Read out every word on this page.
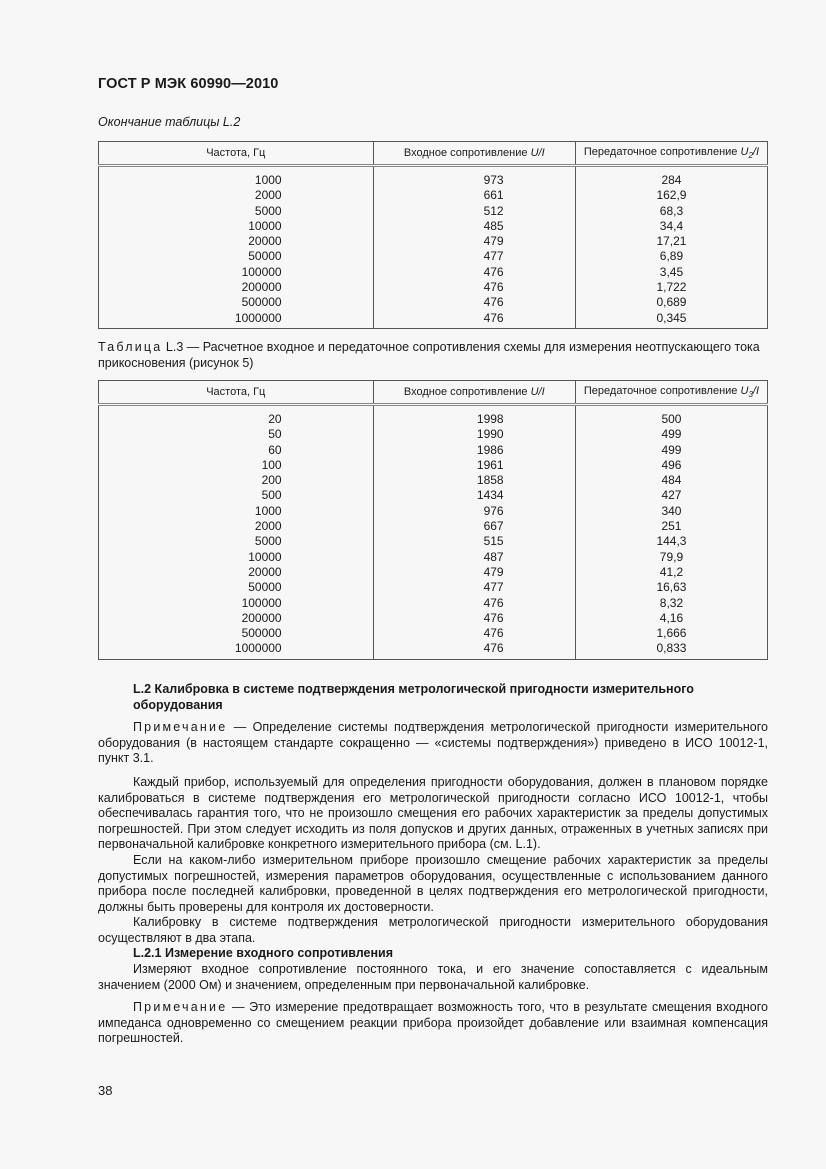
ГОСТ Р МЭК 60990—2010
Окончание таблицы L.2
Частота, Гц	Входное сопротивление U/I	Передаточное сопротивление $U_2/I$
1000	973	284
2000	661	162,9
5000	512	68,3
10000	485	34,4
20000	479	17,21
50000	477	6,89
100000	476	3,45
200000	476	1,722
500000	476	0,689
1000000	476	0,345
Таблица L.3 — Расчетное входное и передаточное сопротивления схемы для измерения неотпускающего тока прикосновения (рисунок 5)
Частота, Гц	Входное сопротивление U/I	Передаточное сопротивление $U_3/I$
20	1998	500
50	1990	499
60	1986	499
100	1961	496
200	1858	484
500	1434	427
1000	976	340
2000	667	251
5000	515	144,3
10000	487	79,9
20000	479	41,2
50000	477	16,63
100000	476	8,32
200000	476	4,16
500000	476	1,666
1000000	476	0,833
L.2 Калибровка в системе подтверждения метрологической пригодности измерительного оборудования
Примечание — Определение системы подтверждения метрологической пригодности измерительного оборудования (в настоящем стандарте сокращенно — «системы подтверждения») приведено в ИСО 10012-1, пункт 3.1.
Каждый прибор, используемый для определения пригодности оборудования, должен в плановом порядке калиброваться в системе подтверждения его метрологической пригодности согласно ИСО 10012-1, чтобы обеспечивалась гарантия того, что не произошло смещения его рабочих характеристик за пределы допустимых погрешностей. При этом следует исходить из поля допусков и других данных, отраженных в учетных записях при первоначальной калибровке конкретного измерительного прибора (см. L.1).
Если на каком-либо измерительном приборе произошло смещение рабочих характеристик за пределы допустимых погрешностей, измерения параметров оборудования, осуществленные с использованием данного прибора после последней калибровки, проведенной в целях подтверждения его метрологической пригодности, должны быть проверены для контроля их достоверности.
Калибровку в системе подтверждения метрологической пригодности измерительного оборудования осуществляют в два этапа.
L.2.1 Измерение входного сопротивления
Измеряют входное сопротивление постоянного тока, и его значение сопоставляется с идеальным значением (2000 Ом) и значением, определенным при первоначальной калибровке.
Примечание — Это измерение предотвращает возможность того, что в результате смещения входного импеданса одновременно со смещением реакции прибора произойдет добавление или взаимная компенсация погрешностей.
38
